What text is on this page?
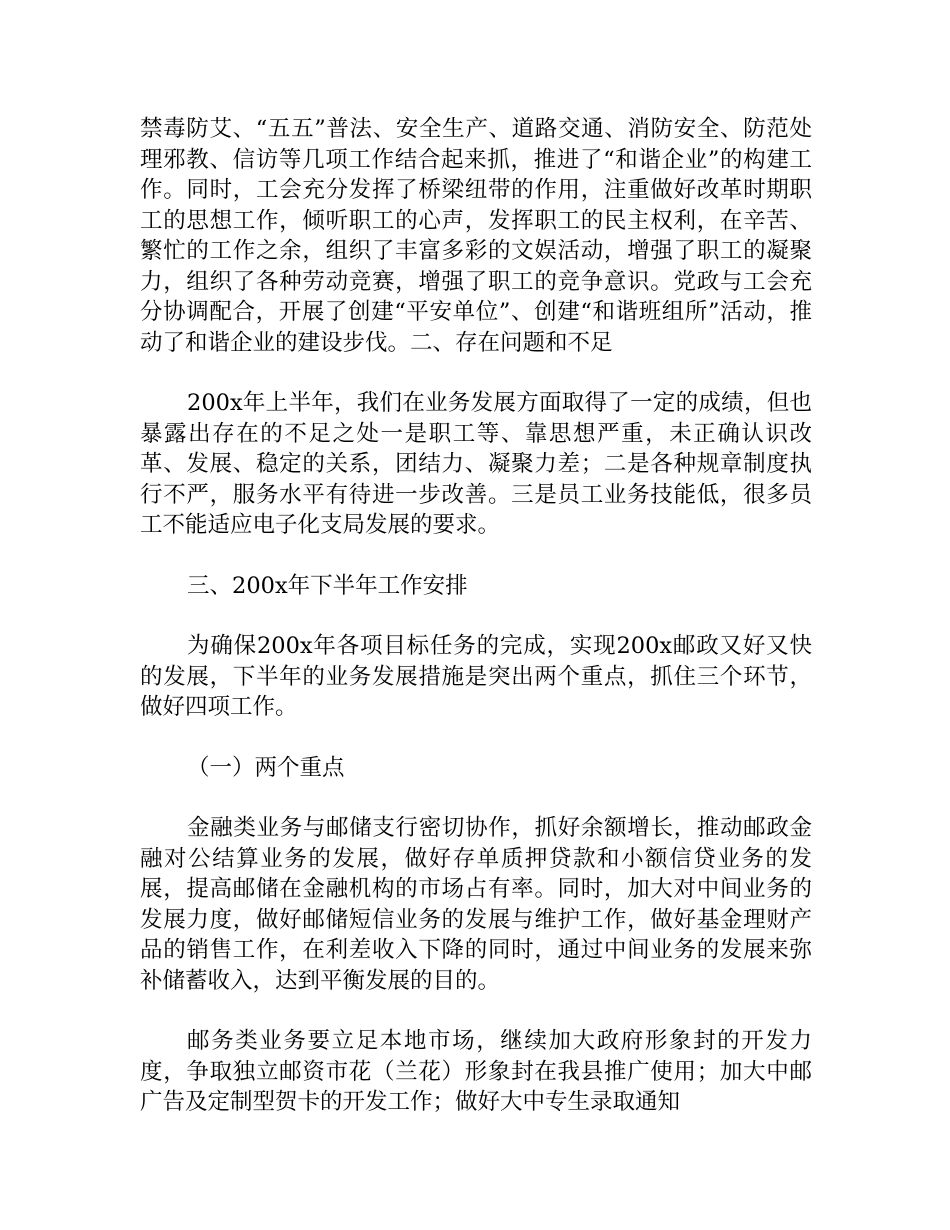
禁毒防艾、“五五”普法、安全生产、道路交通、消防安全、防范处理邪教、信访等几项工作结合起来抓，推进了“和谐企业”的构建工作。同时，工会充分发挥了桥梁纽带的作用，注重做好改革时期职工的思想工作，倾听职工的心声，发挥职工的民主权利，在辛苦、繁忙的工作之余，组织了丰富多彩的文娱活动，增强了职工的凝聚力，组织了各种劳动竞赛，增强了职工的竞争意识。党政与工会充分协调配合，开展了创建“平安单位”、创建“和谐班组所”活动，推动了和谐企业的建设步伐。二、存在问题和不足

200x年上半年，我们在业务发展方面取得了一定的成绩，但也暴露出存在的不足之处一是职工等、靠思想严重，未正确认识改革、发展、稳定的关系，团结力、凝聚力差；二是各种规章制度执行不严，服务水平有待进一步改善。三是员工业务技能低，很多员工不能适应电子化支局发展的要求。

三、200x年下半年工作安排

为确保200x年各项目标任务的完成，实现200x邮政又好又快的发展，下半年的业务发展措施是突出两个重点，抓住三个环节，做好四项工作。

（一）两个重点

金融类业务与邮储支行密切协作，抓好余额增长，推动邮政金融对公结算业务的发展，做好存单质押贷款和小额信贷业务的发展，提高邮储在金融机构的市场占有率。同时，加大对中间业务的发展力度，做好邮储短信业务的发展与维护工作，做好基金理财产品的销售工作，在利差收入下降的同时，通过中间业务的发展来弥补储蓄收入，达到平衡发展的目的。

邮务类业务要立足本地市场，继续加大政府形象封的开发力度，争取独立邮资市花（兰花）形象封在我县推广使用；加大中邮广告及定制型贺卡的开发工作；做好大中专生录取通知
